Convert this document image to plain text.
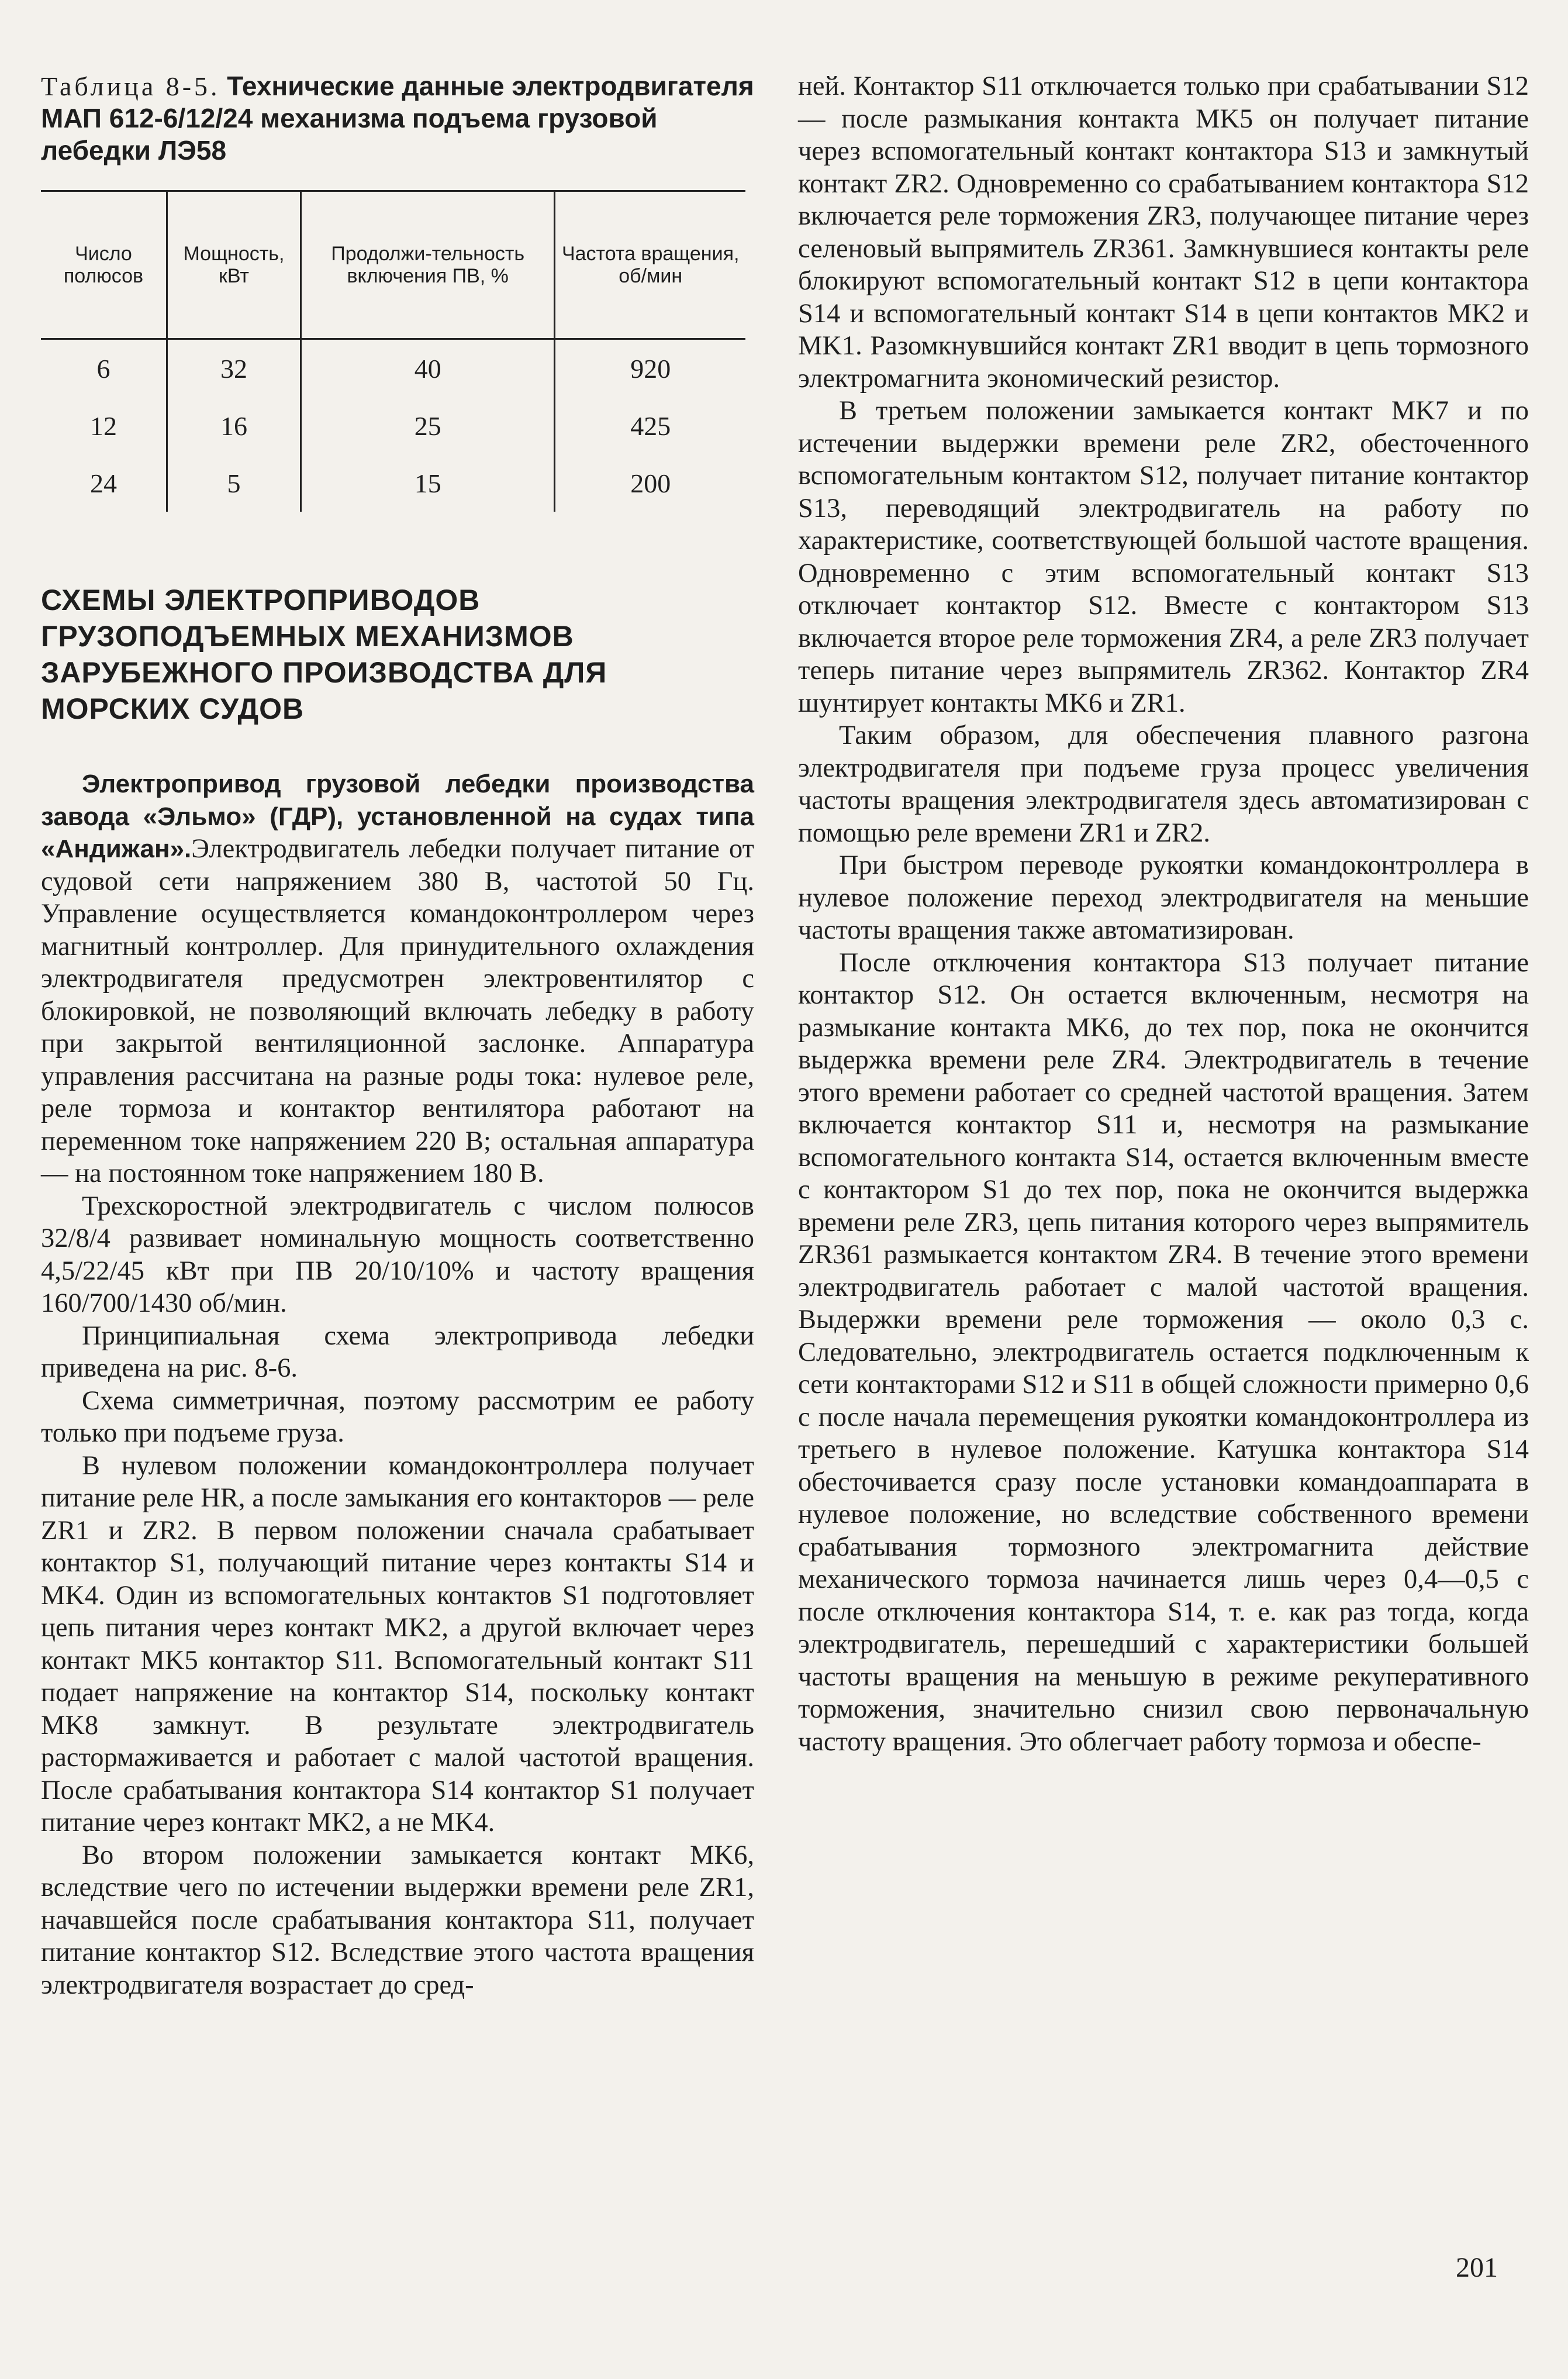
Таблица 8-5. Технические данные электродвигателя МАП 612-6/12/24 механизма подъема грузовой лебедки ЛЭ58
Число полюсов	Мощность, кВт	Продолжи-тельность включения ПВ, %	Частота вращения, об/мин
6	32	40	920
12	16	25	425
24	5	15	200
СХЕМЫ ЭЛЕКТРОПРИВОДОВ ГРУЗОПОДЪЕМНЫХ МЕХАНИЗМОВ ЗАРУБЕЖНОГО ПРОИЗВОДСТВА ДЛЯ МОРСКИХ СУДОВ

Электропривод грузовой лебедки производства завода «Эльмо» (ГДР), установленной на судах типа «Андижан».Электродвигатель лебедки получает питание от судовой сети напряжением 380 В, частотой 50 Гц. Управление осуществляется командоконтроллером через магнитный контроллер. Для принудительного охлаждения электродвигателя предусмотрен электровентилятор с блокировкой, не позволяющий включать лебедку в работу при закрытой вентиляционной заслонке. Аппаратура управления рассчитана на разные роды тока: нулевое реле, реле тормоза и контактор вентилятора работают на переменном токе напряжением 220 В; остальная аппаратура — на постоянном токе напряжением 180 В.

Трехскоростной электродвигатель с числом полюсов 32/8/4 развивает номинальную мощность соответственно 4,5/22/45 кВт при ПВ 20/10/10% и частоту вращения 160/700/1430 об/мин.

Принципиальная схема электропривода лебедки приведена на рис. 8-6.

Схема симметричная, поэтому рассмотрим ее работу только при подъеме груза.

В нулевом положении командоконтроллера получает питание реле HR, а после замыкания его контакторов — реле ZR1 и ZR2. В первом положении сначала срабатывает контактор S1, получающий питание через контакты S14 и MK4. Один из вспомогательных контактов S1 подготовляет цепь питания через контакт MK2, а другой включает через контакт MK5 контактор S11. Вспомогательный контакт S11 подает напряжение на контактор S14, поскольку контакт MK8 замкнут. В результате электродвигатель растормаживается и работает с малой частотой вращения. После срабатывания контактора S14 контактор S1 получает питание через контакт MK2, а не MK4.

Во втором положении замыкается контакт MK6, вследствие чего по истечении выдержки времени реле ZR1, начавшейся после срабатывания контактора S11, получает питание контактор S12. Вследствие этого частота вращения электродвигателя возрастает до сред-

ней. Контактор S11 отключается только при срабатывании S12 — после размыкания контакта MK5 он получает питание через вспомогательный контакт контактора S13 и замкнутый контакт ZR2. Одновременно со срабатыванием контактора S12 включается реле торможения ZR3, получающее питание через селеновый выпрямитель ZR361. Замкнувшиеся контакты реле блокируют вспомогательный контакт S12 в цепи контактора S14 и вспомогательный контакт S14 в цепи контактов MK2 и MK1. Разомкнувшийся контакт ZR1 вводит в цепь тормозного электромагнита экономический резистор.

В третьем положении замыкается контакт MK7 и по истечении выдержки времени реле ZR2, обесточенного вспомогательным контактом S12, получает питание контактор S13, переводящий электродвигатель на работу по характеристике, соответствующей большой частоте вращения. Одновременно с этим вспомогательный контакт S13 отключает контактор S12. Вместе с контактором S13 включается второе реле торможения ZR4, а реле ZR3 получает теперь питание через выпрямитель ZR362. Контактор ZR4 шунтирует контакты MK6 и ZR1.

Таким образом, для обеспечения плавного разгона электродвигателя при подъеме груза процесс увеличения частоты вращения электродвигателя здесь автоматизирован с помощью реле времени ZR1 и ZR2.

При быстром переводе рукоятки командоконтроллера в нулевое положение переход электродвигателя на меньшие частоты вращения также автоматизирован.

После отключения контактора S13 получает питание контактор S12. Он остается включенным, несмотря на размыкание контакта MK6, до тех пор, пока не окончится выдержка времени реле ZR4. Электродвигатель в течение этого времени работает со средней частотой вращения. Затем включается контактор S11 и, несмотря на размыкание вспомогательного контакта S14, остается включенным вместе с контактором S1 до тех пор, пока не окончится выдержка времени реле ZR3, цепь питания которого через выпрямитель ZR361 размыкается контактом ZR4. В течение этого времени электродвигатель работает с малой частотой вращения. Выдержки времени реле торможения — около 0,3 с. Следовательно, электродвигатель остается подключенным к сети контакторами S12 и S11 в общей сложности примерно 0,6 с после начала перемещения рукоятки командоконтроллера из третьего в нулевое положение. Катушка контактора S14 обесточивается сразу после установки командоаппарата в нулевое положение, но вследствие собственного времени срабатывания тормозного электромагнита действие механического тормоза начинается лишь через 0,4—0,5 с после отключения контактора S14, т. е. как раз тогда, когда электродвигатель, перешедший с характеристики большей частоты вращения на меньшую в режиме рекуперативного торможения, значительно снизил свою первоначальную частоту вращения. Это облегчает работу тормоза и обеспе-

201
